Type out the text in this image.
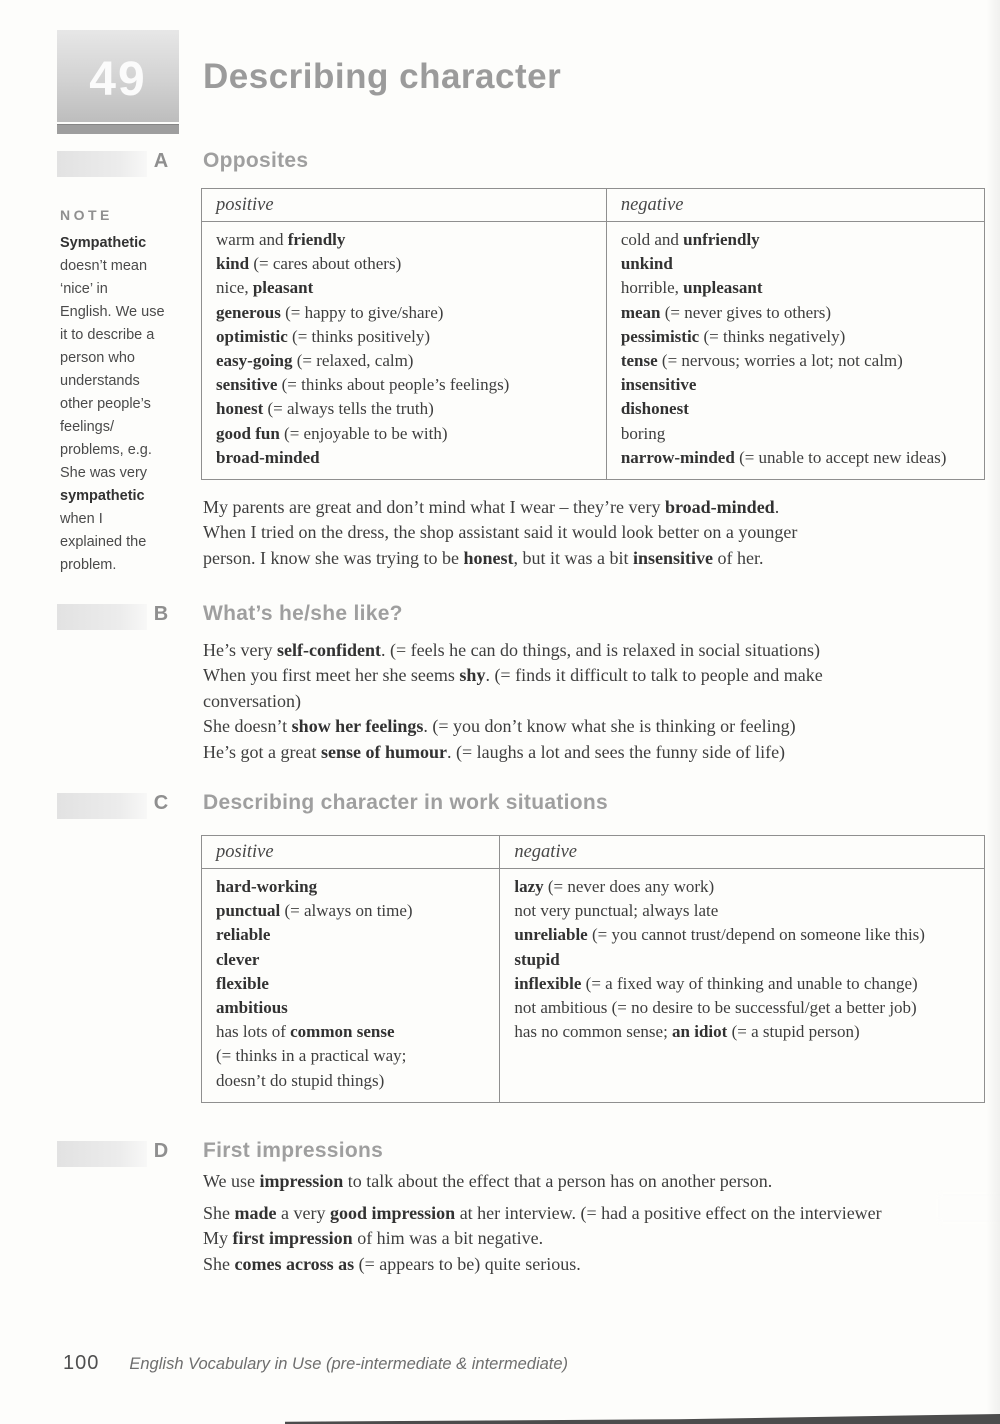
49	Describing character
NOTE
Sympathetic
doesn’t mean
‘nice’ in
English. We use
it to describe a
person who
understands
other people’s
feelings/
problems, e.g.
She was very
sympathetic
when I
explained the
problem.
A	Opposites
positive	negative

warm and friendly
kind (= cares about others)
nice, pleasant
generous (= happy to give/share)
optimistic (= thinks positively)
easy-going (= relaxed, calm)
sensitive (= thinks about people’s feelings)
honest (= always tells the truth)
good fun (= enjoyable to be with)
broad-minded

cold and unfriendly
unkind
horrible, unpleasant
mean (= never gives to others)
pessimistic (= thinks negatively)
tense (= nervous; worries a lot; not calm)
insensitive
dishonest
boring
narrow-minded (= unable to accept new ideas)
My parents are great and don’t mind what I wear – they’re very broad-minded.
When I tried on the dress, the shop assistant said it would look better on a younger
person. I know she was trying to be honest, but it was a bit insensitive of her.
B	What’s he/she like?
He’s very self-confident. (= feels he can do things, and is relaxed in social situations)
When you first meet her she seems shy. (= finds it difficult to talk to people and make
conversation)
She doesn’t show her feelings. (= you don’t know what she is thinking or feeling)
He’s got a great sense of humour. (= laughs a lot and sees the funny side of life)
C	Describing character in work situations
positive	negative

hard-working
punctual (= always on time)
reliable
clever
flexible
ambitious
has lots of common sense
(= thinks in a practical way;
doesn’t do stupid things)

lazy (= never does any work)
not very punctual; always late
unreliable (= you cannot trust/depend on someone like this)
stupid
inflexible (= a fixed way of thinking and unable to change)
not ambitious (= no desire to be successful/get a better job)
has no common sense; an idiot (= a stupid person)
D	First impressions
We use impression to talk about the effect that a person has on another person.
She made a very good impression at her interview. (= had a positive effect on the interviewer
My first impression of him was a bit negative.
She comes across as (= appears to be) quite serious.
100 English Vocabulary in Use (pre-intermediate & intermediate)
